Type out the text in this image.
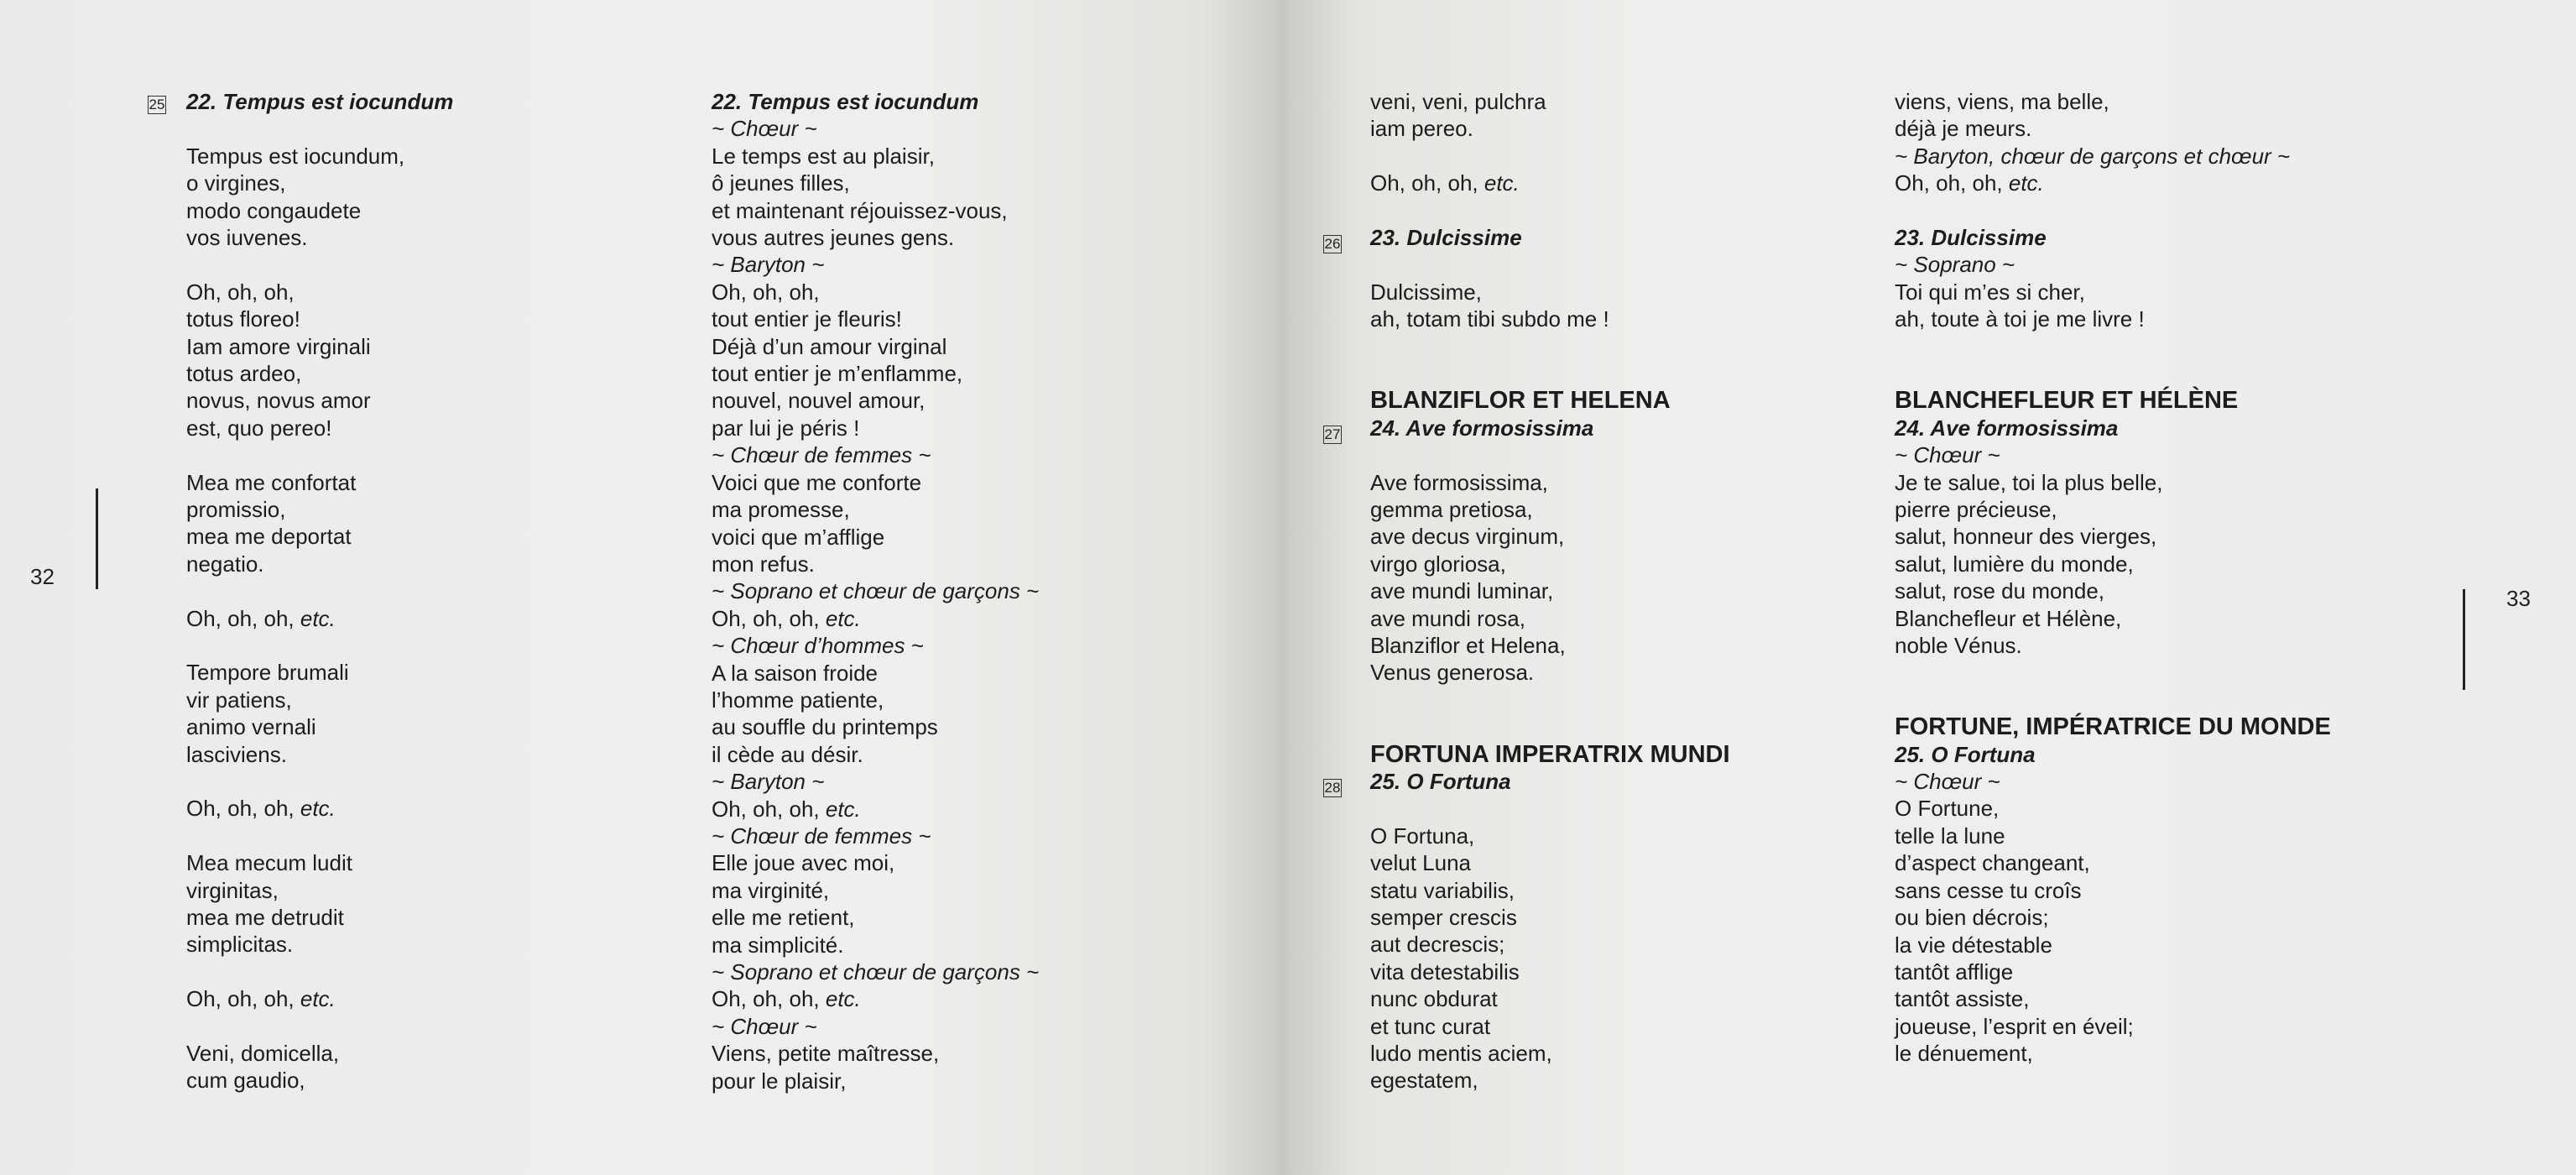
25 22. Tempus est iocundum
Tempus est iocundum,
o virgines,
modo congaudete
vos iuvenes.
Oh, oh, oh,
totus floreo!
Iam amore virginali
totus ardeo,
novus, novus amor
est, quo pereo!
Mea me confortat
promissio,
mea me deportat
negatio.
Oh, oh, oh, etc.
Tempore brumali
vir patiens,
animo vernali
lasciviens.
Oh, oh, oh, etc.
Mea mecum ludit
virginitas,
mea me detrudit
simplicitas.
Oh, oh, oh, etc.
Veni, domicella,
cum gaudio,
22. Tempus est iocundum
~ Chœur ~
Le temps est au plaisir,
ô jeunes filles,
et maintenant réjouissez-vous,
vous autres jeunes gens.
~ Baryton ~
Oh, oh, oh,
tout entier je fleuris!
Déjà d’un amour virginal
tout entier je m’enflamme,
nouvel, nouvel amour,
par lui je péris !
~ Chœur de femmes ~
Voici que me conforte
ma promesse,
voici que m’afflige
mon refus.
~ Soprano et chœur de garçons ~
Oh, oh, oh, etc.
~ Chœur d’hommes ~
A la saison froide
l’homme patiente,
au souffle du printemps
il cède au désir.
~ Baryton ~
Oh, oh, oh, etc.
~ Chœur de femmes ~
Elle joue avec moi,
ma virginité,
elle me retient,
ma simplicité.
~ Soprano et chœur de garçons ~
Oh, oh, oh, etc.
~ Chœur ~
Viens, petite maîtresse,
pour le plaisir,
32
26
27
28
veni, veni, pulchra
iam pereo.
Oh, oh, oh, etc.
23. Dulcissime
Dulcissime,
ah, totam tibi subdo me !
BLANZIFLOR ET HELENA
24. Ave formosissima
Ave formosissima,
gemma pretiosa,
ave decus virginum,
virgo gloriosa,
ave mundi luminar,
ave mundi rosa,
Blanziflor et Helena,
Venus generosa.
FORTUNA IMPERATRIX MUNDI
25. O Fortuna
O Fortuna,
velut Luna
statu variabilis,
semper crescis
aut decrescis;
vita detestabilis
nunc obdurat
et tunc curat
ludo mentis aciem,
egestatem,
viens, viens, ma belle,
déjà je meurs.
~ Baryton, chœur de garçons et chœur ~
Oh, oh, oh, etc.
23. Dulcissime
~ Soprano ~
Toi qui m’es si cher,
ah, toute à toi je me livre !
BLANCHEFLEUR ET HÉLÈNE
24. Ave formosissima
~ Chœur ~
Je te salue, toi la plus belle,
pierre précieuse,
salut, honneur des vierges,
salut, lumière du monde,
salut, rose du monde,
Blanchefleur et Hélène,
noble Vénus.
FORTUNE, IMPÉRATRICE DU MONDE
25. O Fortuna
~ Chœur ~
O Fortune,
telle la lune
d’aspect changeant,
sans cesse tu croîs
ou bien décrois;
la vie détestable
tantôt afflige
tantôt assiste,
joueuse, l’esprit en éveil;
le dénuement,
33
